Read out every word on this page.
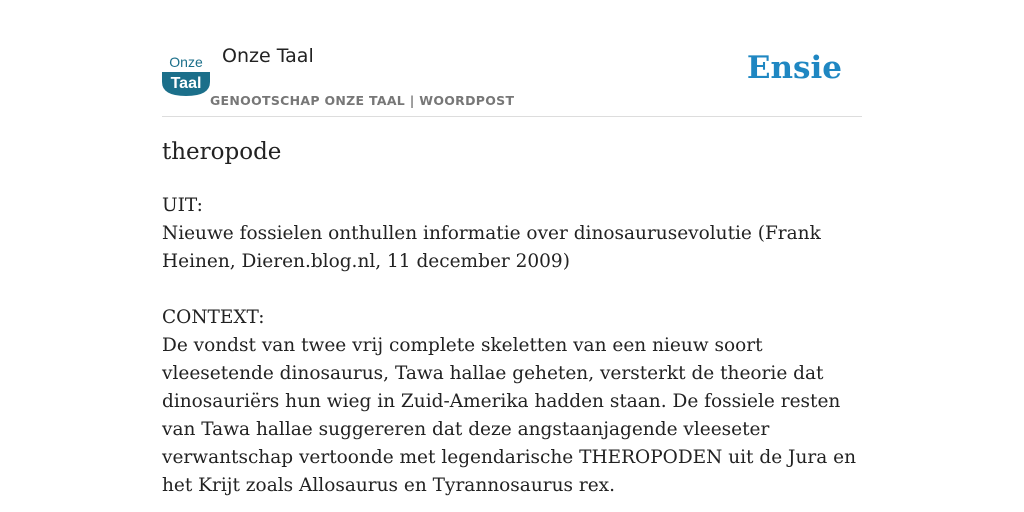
Onze
Taal
Onze Taal
GENOOTSCHAP ONZE TAAL | WOORDPOST
Ensie
theropode
UIT:
Nieuwe fossielen onthullen informatie over dinosaurusevolutie (Frank Heinen, Dieren.blog.nl, 11 december 2009)

CONTEXT:
De vondst van twee vrij complete skeletten van een nieuw soort vleesetende dinosaurus, Tawa hallae geheten, versterkt de theorie dat dinosauriërs hun wieg in Zuid-Amerika hadden staan. De fossiele resten van Tawa hallae suggereren dat deze angstaanjagende vleeseter verwantschap vertoonde met legendarische THEROPODEN uit de Jura en het Krijt zoals Allosaurus en Tyrannosaurus rex.
